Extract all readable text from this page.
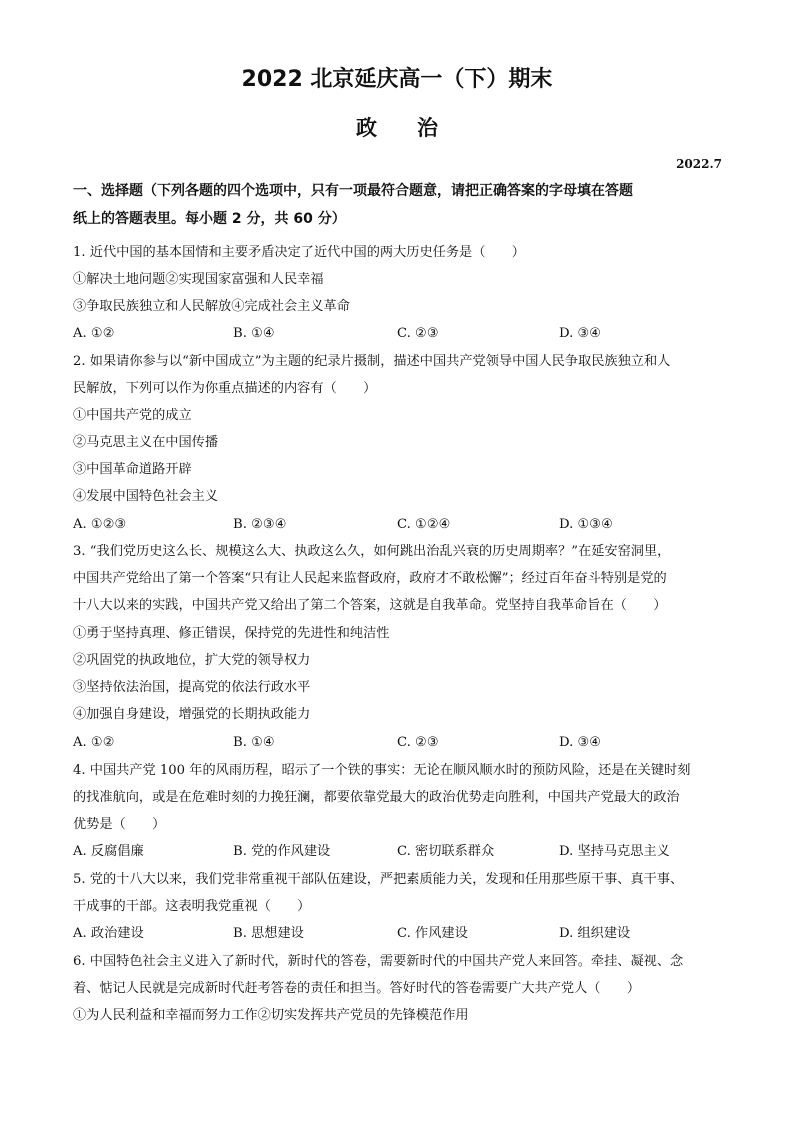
2022 北京延庆高一（下）期末
政治
2022.7
一、选择题（下列各题的四个选项中，只有一项最符合题意，请把正确答案的字母填在答题
纸上的答题表里。每小题 2 分，共 60 分）
1. 近代中国的基本国情和主要矛盾决定了近代中国的两大历史任务是（　　）
①解决土地问题②实现国家富强和人民幸福
③争取民族独立和人民解放④完成社会主义革命
A. ①②	B. ①④	C. ②③	D. ③④
2. 如果请你参与以“新中国成立”为主题的纪录片摄制，描述中国共产党领导中国人民争取民族独立和人
民解放，下列可以作为你重点描述的内容有（　　）
①中国共产党的成立
②马克思主义在中国传播
③中国革命道路开辟
④发展中国特色社会主义
A. ①②③	B. ②③④	C. ①②④	D. ①③④
3. “我们党历史这么长、规模这么大、执政这么久，如何跳出治乱兴衰的历史周期率？”在延安窑洞里，
中国共产党给出了第一个答案“只有让人民起来监督政府，政府才不敢松懈”；经过百年奋斗特别是党的
十八大以来的实践，中国共产党又给出了第二个答案，这就是自我革命。党坚持自我革命旨在（　　）
①勇于坚持真理、修正错误，保持党的先进性和纯洁性
②巩固党的执政地位，扩大党的领导权力
③坚持依法治国，提高党的依法行政水平
④加强自身建设，增强党的长期执政能力
A. ①②	B. ①④	C. ②③	D. ③④
4. 中国共产党 100 年的风雨历程，昭示了一个铁的事实：无论在顺风顺水时的预防风险，还是在关键时刻
的找准航向，或是在危难时刻的力挽狂澜，都要依靠党最大的政治优势走向胜利，中国共产党最大的政治
优势是（　　）
A. 反腐倡廉	B. 党的作风建设	C. 密切联系群众	D. 坚持马克思主义
5. 党的十八大以来，我们党非常重视干部队伍建设，严把素质能力关，发现和任用那些原干事、真干事、
干成事的干部。这表明我党重视（　　）
A. 政治建设	B. 思想建设	C. 作风建设	D. 组织建设
6. 中国特色社会主义进入了新时代，新时代的答卷，需要新时代的中国共产党人来回答。牵挂、凝视、念
着、惦记人民就是完成新时代赶考答卷的责任和担当。答好时代的答卷需要广大共产党人（　　）
①为人民利益和幸福而努力工作②切实发挥共产党员的先锋模范作用
